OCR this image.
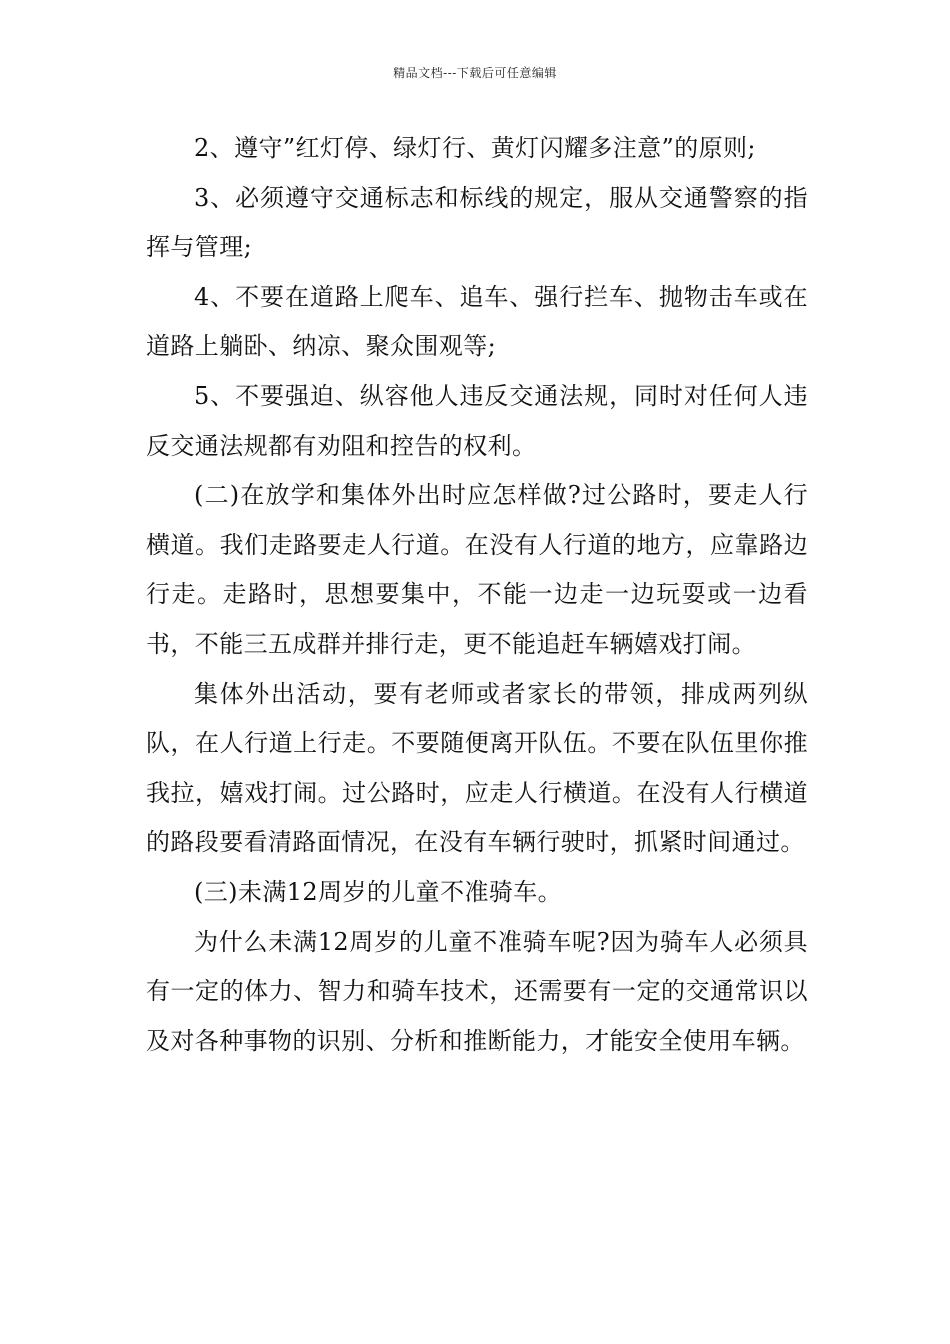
精品文档---下载后可任意编辑

2、遵守”红灯停、绿灯行、黄灯闪耀多注意”的原则;

3、必须遵守交通标志和标线的规定，服从交通警察的指挥与管理;

4、不要在道路上爬车、追车、强行拦车、抛物击车或在道路上躺卧、纳凉、聚众围观等;

5、不要强迫、纵容他人违反交通法规，同时对任何人违反交通法规都有劝阻和控告的权利。

(二)在放学和集体外出时应怎样做?过公路时，要走人行横道。我们走路要走人行道。在没有人行道的地方，应靠路边行走。走路时，思想要集中，不能一边走一边玩耍或一边看书，不能三五成群并排行走，更不能追赶车辆嬉戏打闹。

集体外出活动，要有老师或者家长的带领，排成两列纵队，在人行道上行走。不要随便离开队伍。不要在队伍里你推我拉，嬉戏打闹。过公路时，应走人行横道。在没有人行横道的路段要看清路面情况，在没有车辆行驶时，抓紧时间通过。

(三)未满12周岁的儿童不准骑车。

为什么未满12周岁的儿童不准骑车呢?因为骑车人必须具有一定的体力、智力和骑车技术，还需要有一定的交通常识以及对各种事物的识别、分析和推断能力，才能安全使用车辆。
